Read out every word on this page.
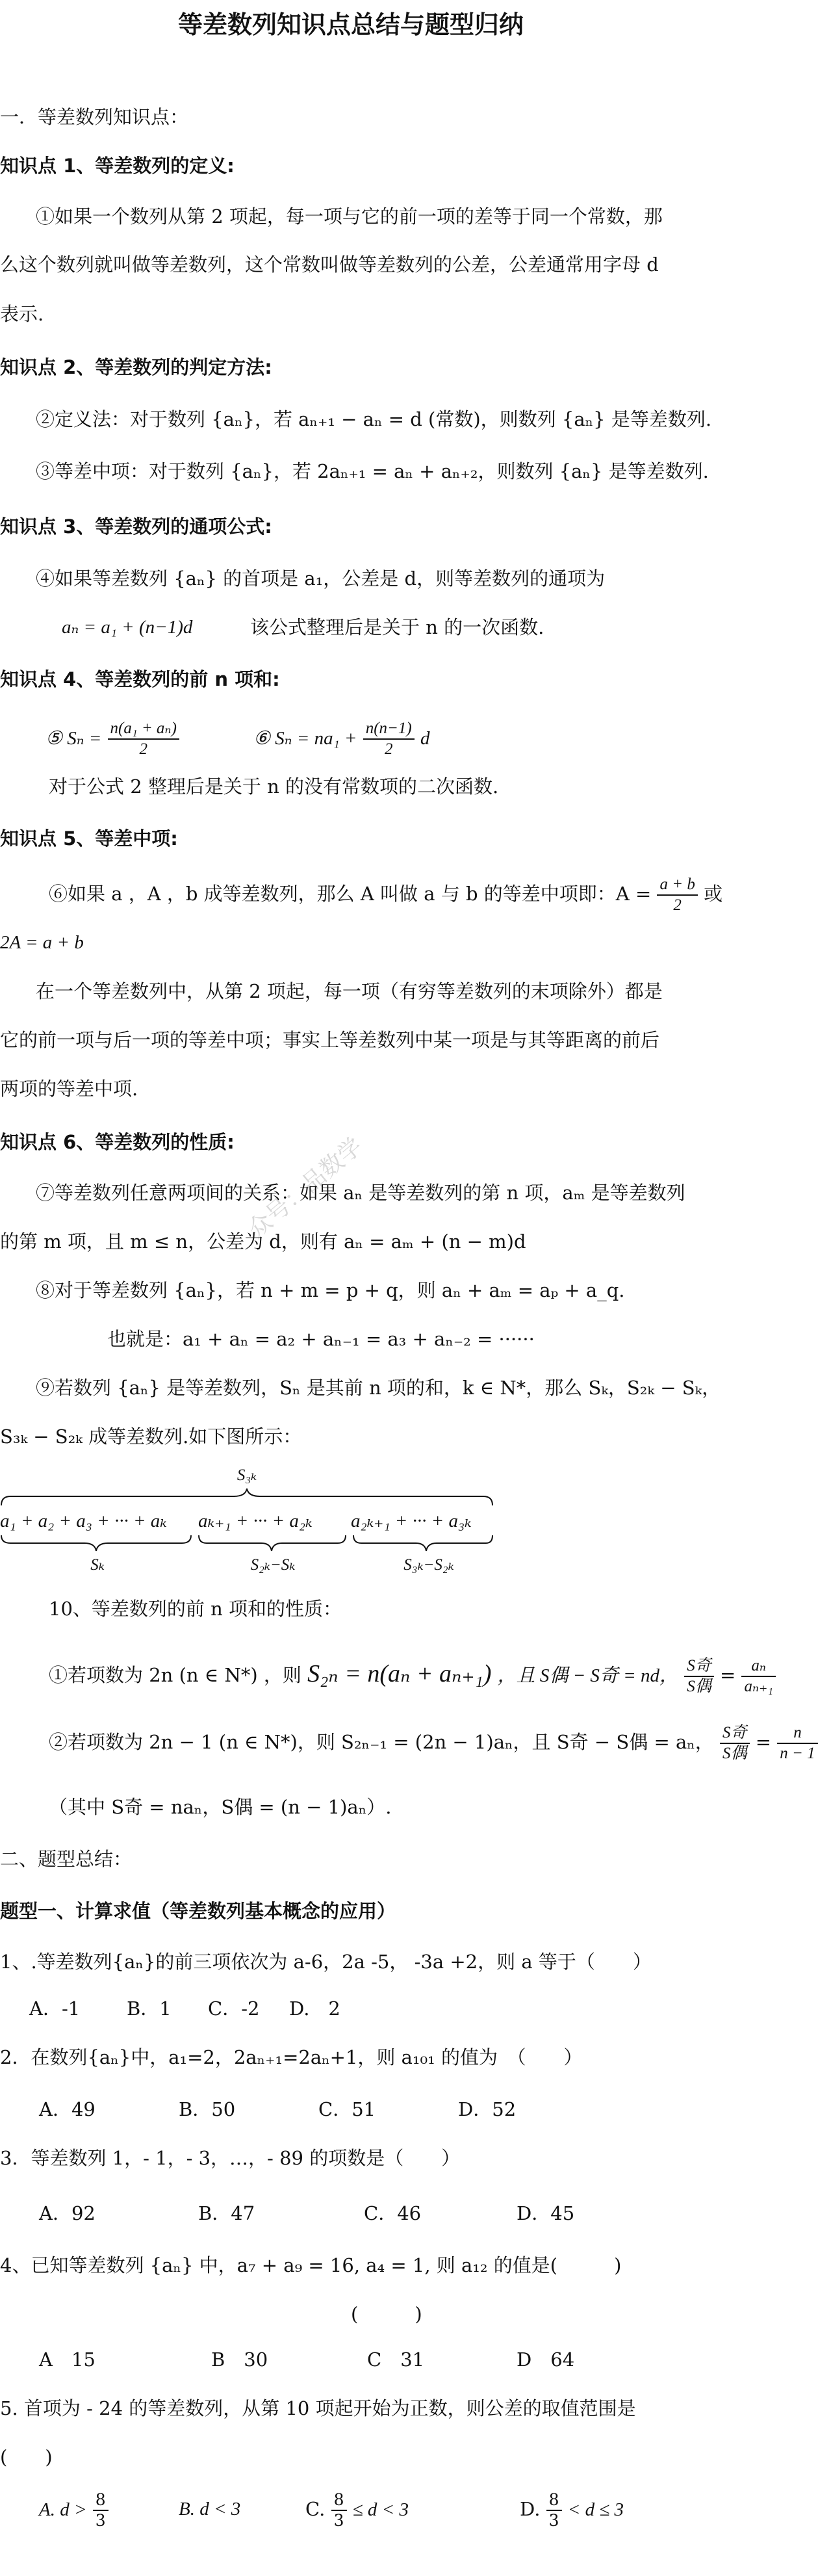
众号：品数学
等差数列知识点总结与题型归纳
一．等差数列知识点：
知识点 1、等差数列的定义:
①如果一个数列从第 2 项起，每一项与它的前一项的差等于同一个常数，那
么这个数列就叫做等差数列，这个常数叫做等差数列的公差，公差通常用字母 d
表示.
知识点 2、等差数列的判定方法:
②定义法：对于数列 {aₙ}，若 aₙ₊₁ − aₙ = d (常数)，则数列 {aₙ} 是等差数列.
③等差中项：对于数列 {aₙ}，若 2aₙ₊₁ = aₙ + aₙ₊₂，则数列 {aₙ} 是等差数列.
知识点 3、等差数列的通项公式:
④如果等差数列 {aₙ} 的首项是 a₁，公差是 d，则等差数列的通项为
aₙ = a₁ + (n−1)d	该公式整理后是关于 n 的一次函数.
知识点 4、等差数列的前 n 项和:
⑤ $S_n = \frac{\text{n(a₁ + aₙ)}}{2}$	⑥ $S_n = na_1 + \frac{n(n-1)}{2}$ d
对于公式 2 整理后是关于 n 的没有常数项的二次函数.
知识点 5、等差中项:
⑥如果 a ，A ，b 成等差数列，那么 A 叫做 a 与 b 的等差中项即：$A = \frac{a + b}{2}$ 或
2A = a + b
在一个等差数列中，从第 2 项起，每一项（有穷等差数列的末项除外）都是
它的前一项与后一项的等差中项；事实上等差数列中某一项是与其等距离的前后
两项的等差中项.
知识点 6、等差数列的性质:
⑦等差数列任意两项间的关系：如果 aₙ 是等差数列的第 n 项，aₘ 是等差数列
的第 m 项，且 m ≤ n，公差为 d，则有 aₙ = aₘ + (n − m)d
⑧对于等差数列 {aₙ}，若 n + m = p + q，则 aₙ + aₘ = aₚ + a_q.
也就是：a₁ + aₙ = a₂ + aₙ₋₁ = a₃ + aₙ₋₂ = ······
⑨若数列 {aₙ} 是等差数列，Sₙ 是其前 n 项的和，k ∈ N*，那么 Sₖ，S₂ₖ − Sₖ，
S₃ₖ − S₂ₖ 成等差数列.如下图所示：
S₃ₖ
a₁ + a₂ + a₃ + ··· + aₖ aₖ₊₁ + ··· + a₂ₖ a₂ₖ₊₁ + ··· + a₃ₖ
Sₖ	S₂ₖ−Sₖ	S₃ₖ−S₂ₖ
10、等差数列的前 n 项和的性质：
①若项数为 2n (n ∈ N*) ，则 S₂ₙ = n(aₙ + aₙ₊₁) ，且 S偶 − S奇 = nd， $\frac{\text{S奇}}{\text{S偶}} = \frac{\text{aₙ}}{\text{aₙ₊₁}}$
②若项数为 2n − 1 (n ∈ N*)，则 S₂ₙ₋₁ = (2n − 1)aₙ，且 S奇 − S偶 = aₙ， $\frac{\text{S奇}}{\text{S偶}} = \frac{n}{n - 1}$
（其中 S奇 = naₙ，S偶 = (n − 1)aₙ）.
二、题型总结：
题型一、计算求值（等差数列基本概念的应用）
1、.等差数列{aₙ}的前三项依次为 a-6，2a -5， -3a +2，则 a 等于（　　）
A．-1 B．1 C．-2 D.　2
2．在数列{aₙ}中，a₁=2，2aₙ₊₁=2aₙ+1，则 a₁₀₁ 的值为　（　　）
A．49	B．50	C．51	D．52
3．等差数列 1，- 1，- 3，…，- 89 的项数是（　　）
A．92	B．47	C．46	D．45
4、已知等差数列 {aₙ} 中，a₇ + a₉ = 16, a₄ = 1, 则 a₁₂ 的值是(　　　)
(　　　)
A　15	B　30	C　31	D　64
5. 首项为 - 24 的等差数列，从第 10 项起开始为正数，则公差的取值范围是
(　　)
A. $d > \frac{8}{3}$	B. d < 3	C. $\frac{8}{3} \le d < 3$	D. $\frac{8}{3} < d \le 3$
